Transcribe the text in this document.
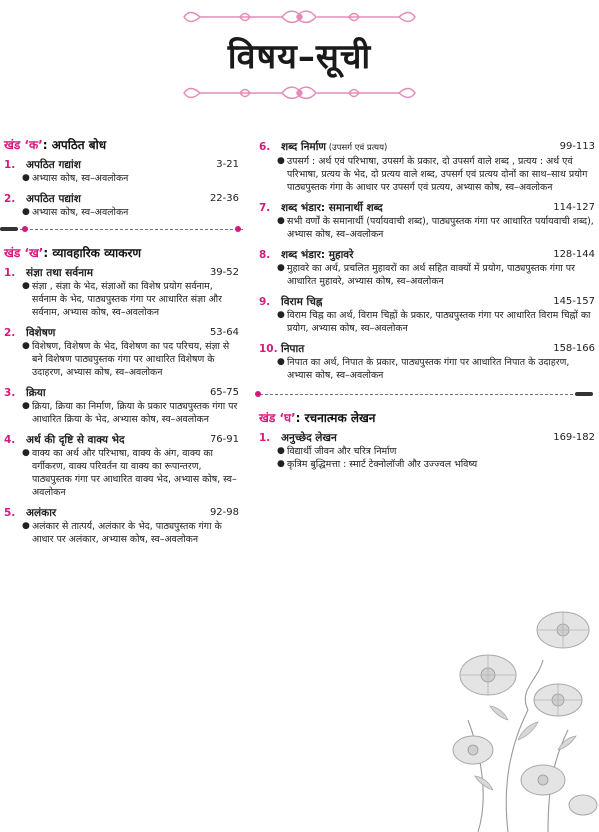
विषय–सूची
खंड ‘क’: अपठित बोध
1.	अपठित गद्यांश	3-21
● अभ्यास कोष, स्व–अवलोकन
2.	अपठित पद्यांश	22-36
● अभ्यास कोष, स्व–अवलोकन
खंड ‘ख’: व्यावहारिक व्याकरण
1.	संज्ञा तथा सर्वनाम	39-52
● संज्ञा , संज्ञा के भेद, संज्ञाओं का विशेष प्रयोग सर्वनाम, सर्वनाम के भेद, पाठ्यपुस्तक गंगा पर आधारित संज्ञा और सर्वनाम, अभ्यास कोष, स्व–अवलोकन
2.	विशेषण	53-64
● विशेषण, विशेषण के भेद, विशेषण का पद परिचय, संज्ञा से बने विशेषण पाठ्यपुस्तक गंगा पर आधारित विशेषण के उदाहरण, अभ्यास कोष, स्व–अवलोकन
3.	क्रिया	65-75
● क्रिया, क्रिया का निर्माण, क्रिया के प्रकार पाठ्यपुस्तक गंगा पर आधारित क्रिया के भेद, अभ्यास कोष, स्व–अवलोकन
4.	अर्थ की दृष्टि से वाक्य भेद	76-91
● वाक्य का अर्थ और परिभाषा, वाक्य के अंग, वाक्य का वर्गीकरण, वाक्य परिवर्तन या वाक्य का रूपान्तरण, पाठ्यपुस्तक गंगा पर आधारित वाक्य भेद, अभ्यास कोष, स्व–अवलोकन
5.	अलंकार	92-98
● अलंकार से तात्पर्य, अलंकार के भेद, पाठ्यपुस्तक गंगा के आधार पर अलंकार, अभ्यास कोष, स्व–अवलोकन
6.	शब्द निर्माण (उपसर्ग एवं प्रत्यय)	99-113
● उपसर्ग : अर्थ एवं परिभाषा, उपसर्ग के प्रकार, दो उपसर्ग वाले शब्द , प्रत्यय : अर्थ एवं परिभाषा, प्रत्यय के भेद, दो प्रत्यय वाले शब्द, उपसर्ग एवं प्रत्यय दोनों का साथ–साथ प्रयोग पाठ्यपुस्तक गंगा के आधार पर उपसर्ग एवं प्रत्यय, अभ्यास कोष, स्व–अवलोकन
7.	शब्द भंडार: समानार्थी शब्द	114-127
● सभी वर्णों के समानार्थी (पर्यायवाची शब्द), पाठ्यपुस्तक गंगा पर आधारित पर्यायवाची शब्द), अभ्यास कोष, स्व–अवलोकन
8.	शब्द भंडार: मुहावरे	128-144
● मुहावरे का अर्थ, प्रचलित मुहावरों का अर्थ सहित वाक्यों में प्रयोग, पाठ्यपुस्तक गंगा पर आधारित मुहावरे, अभ्यास कोष, स्व–अवलोकन
9.	विराम चिह्न	145-157
● विराम चिह्न का अर्थ, विराम चिह्नों के प्रकार, पाठ्यपुस्तक गंगा पर आधारित विराम चिह्नों का प्रयोग, अभ्यास कोष, स्व–अवलोकन
10. निपात	158-166
● निपात का अर्थ, निपात के प्रकार, पाठ्यपुस्तक गंगा पर आधारित निपात के उदाहरण, अभ्यास कोष, स्व–अवलोकन
खंड ‘घ’: रचनात्मक लेखन
1.	अनुच्छेद लेखन	169-182
● विद्यार्थी जीवन और चरित्र निर्माण
● कृत्रिम बुद्धिमत्ता : स्मार्ट टेक्नोलॉजी और उज्ज्वल भविष्य
